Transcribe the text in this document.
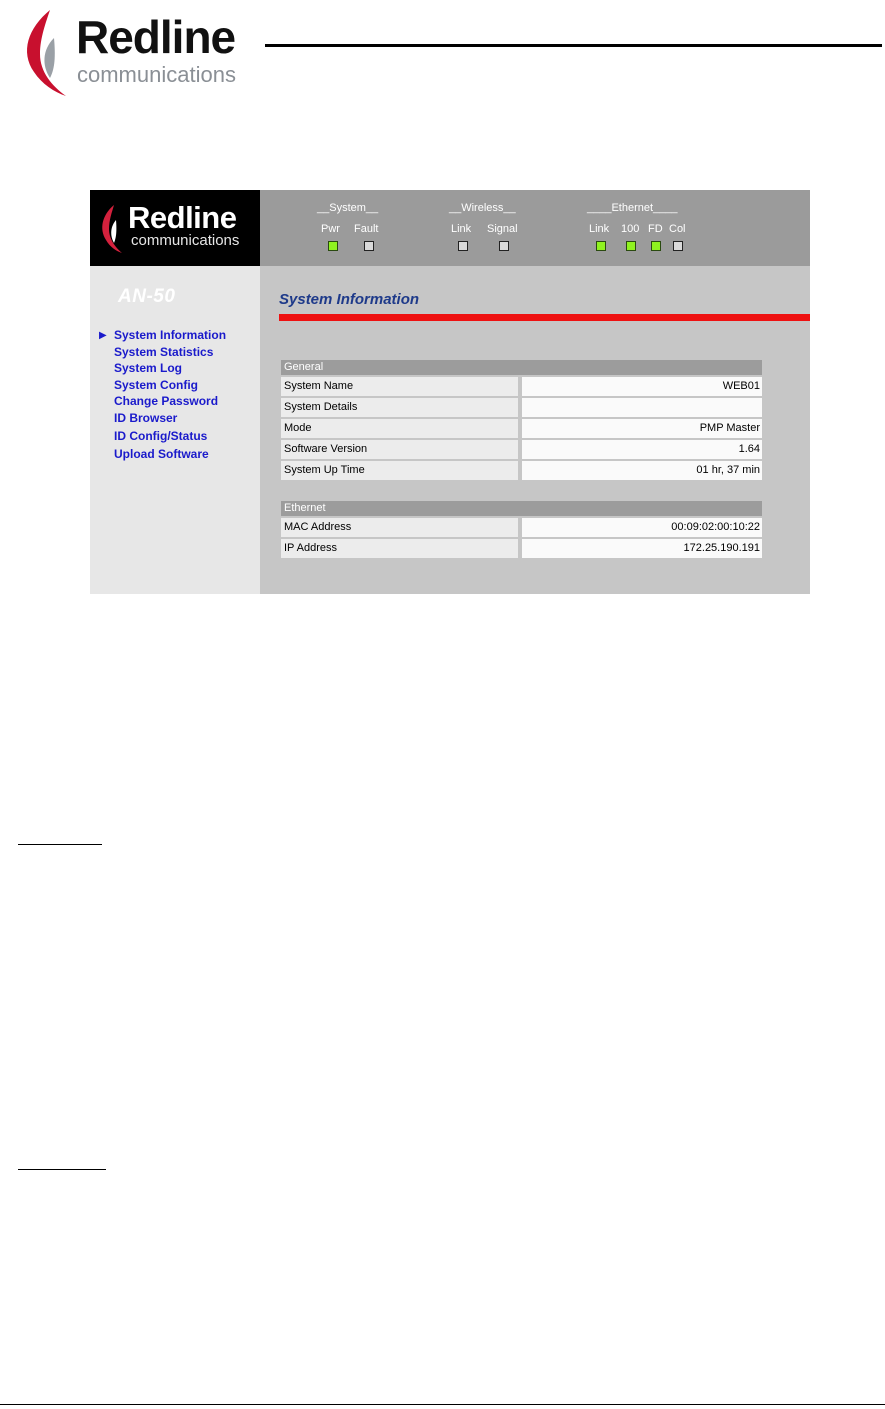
Redline
communications
Redline
communications
__System__
Pwr Fault
__Wireless__
Link Signal
____Ethernet____
Link 100 FD Col
AN-50
▶ System Information
System Statistics
System Log
System Config
Change Password
ID Browser
ID Config/Status
Upload Software
System Information
General
System Name	WEB01
System Details
Mode	PMP Master
Software Version	1.64
System Up Time	01 hr, 37 min
Ethernet
MAC Address	00:09:02:00:10:22
IP Address	172.25.190.191
